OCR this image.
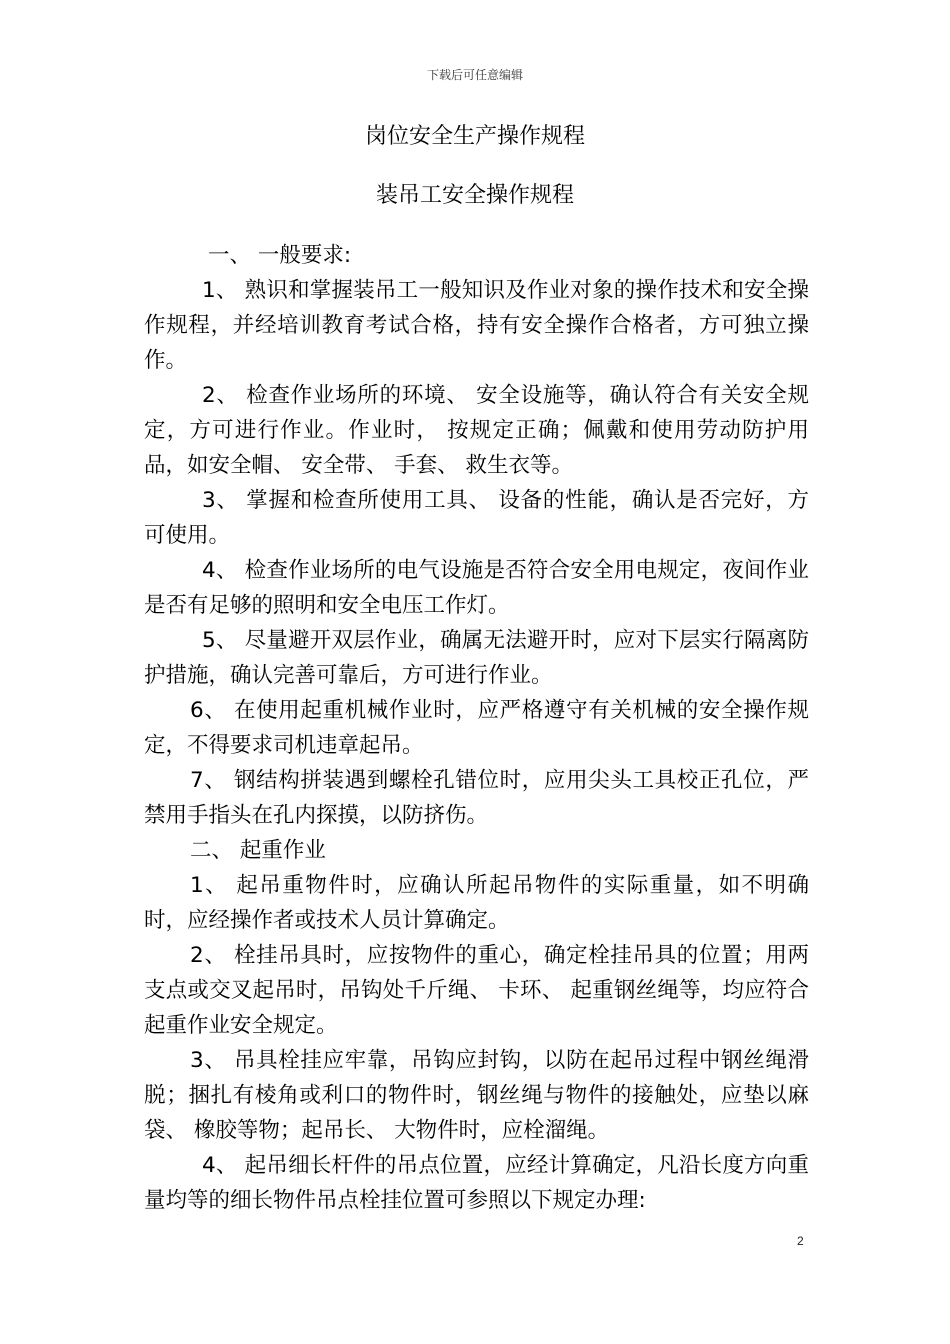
下载后可任意编辑
岗位安全生产操作规程
装吊工安全操作规程

一、 一般要求:

1、 熟识和掌握装吊工一般知识及作业对象的操作技术和安全操作规程，并经培训教育考试合格，持有安全操作合格者，方可独立操作。

2、 检查作业场所的环境、 安全设施等，确认符合有关安全规定，方可进行作业。作业时， 按规定正确；佩戴和使用劳动防护用品，如安全帽、 安全带、 手套、 救生衣等。

3、 掌握和检查所使用工具、 设备的性能，确认是否完好，方可使用。

4、 检查作业场所的电气设施是否符合安全用电规定，夜间作业是否有足够的照明和安全电压工作灯。

5、 尽量避开双层作业，确属无法避开时，应对下层实行隔离防护措施，确认完善可靠后，方可进行作业。

6、 在使用起重机械作业时，应严格遵守有关机械的安全操作规定，不得要求司机违章起吊。

7、 钢结构拼装遇到螺栓孔错位时，应用尖头工具校正孔位，严禁用手指头在孔内探摸，以防挤伤。

二、 起重作业

1、 起吊重物件时，应确认所起吊物件的实际重量，如不明确时，应经操作者或技术人员计算确定。

2、 栓挂吊具时，应按物件的重心，确定栓挂吊具的位置；用两支点或交叉起吊时，吊钩处千斤绳、 卡环、 起重钢丝绳等，均应符合起重作业安全规定。

3、 吊具栓挂应牢靠，吊钩应封钩，以防在起吊过程中钢丝绳滑脱；捆扎有棱角或利口的物件时，钢丝绳与物件的接触处，应垫以麻袋、 橡胶等物；起吊长、 大物件时，应栓溜绳。

4、 起吊细长杆件的吊点位置，应经计算确定，凡沿长度方向重量均等的细长物件吊点栓挂位置可参照以下规定办理:

2
